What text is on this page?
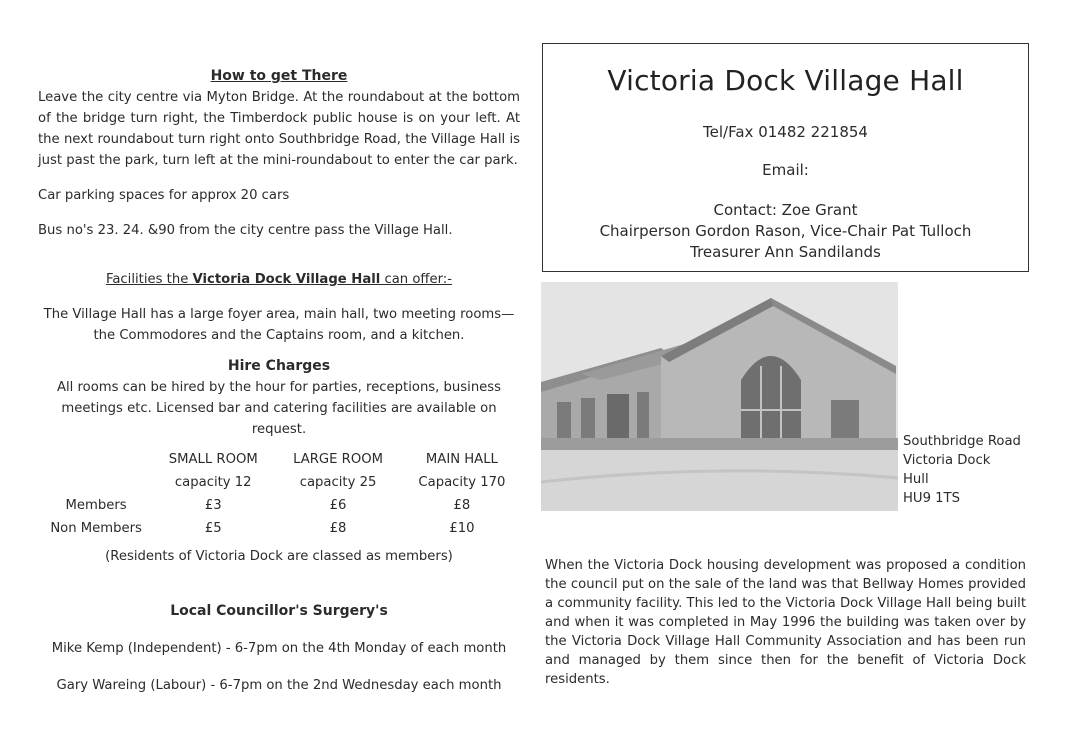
How to get There
Leave the city centre via Myton Bridge. At the roundabout at the bottom of the bridge turn right, the Timberdock public house is on your left. At the next roundabout turn right onto Southbridge Road, the Village Hall is just past the park, turn left at the mini-roundabout to enter the car park.
Car parking spaces for approx 20 cars
Bus no's 23. 24. &90 from the city centre pass the Village Hall.
Facilities the Victoria Dock Village Hall can offer:-
The Village Hall has a large foyer area, main hall, two meeting rooms—
the Commodores and the Captains room, and a kitchen.
Hire Charges
All rooms can be hired by the hour for parties, receptions, business
meetings etc. Licensed bar and catering facilities are available on request.
	SMALL ROOM	LARGE ROOM	MAIN HALL
	capacity 12	capacity 25	Capacity 170
Members	£3	£6	£8
Non Members	£5	£8	£10
(Residents of Victoria Dock are classed as members)
Local Councillor's Surgery's
Mike Kemp (Independent) - 6-7pm on the 4th Monday of each month
Gary Wareing (Labour) - 6-7pm on the 2nd Wednesday each month
Victoria Dock Village Hall
Tel/Fax 01482 221854
Email:
Contact: Zoe Grant
Chairperson Gordon Rason, Vice-Chair Pat Tulloch
Treasurer Ann Sandilands
Southbridge Road
Victoria Dock
Hull
HU9 1TS
When the Victoria Dock housing development was proposed a condition the council put on the sale of the land was that Bellway Homes provided a community facility. This led to the Victoria Dock Village Hall being built and when it was completed in May 1996 the building was taken over by the Victoria Dock Village Hall Community Association and has been run and managed by them since then for the benefit of Victoria Dock residents.
